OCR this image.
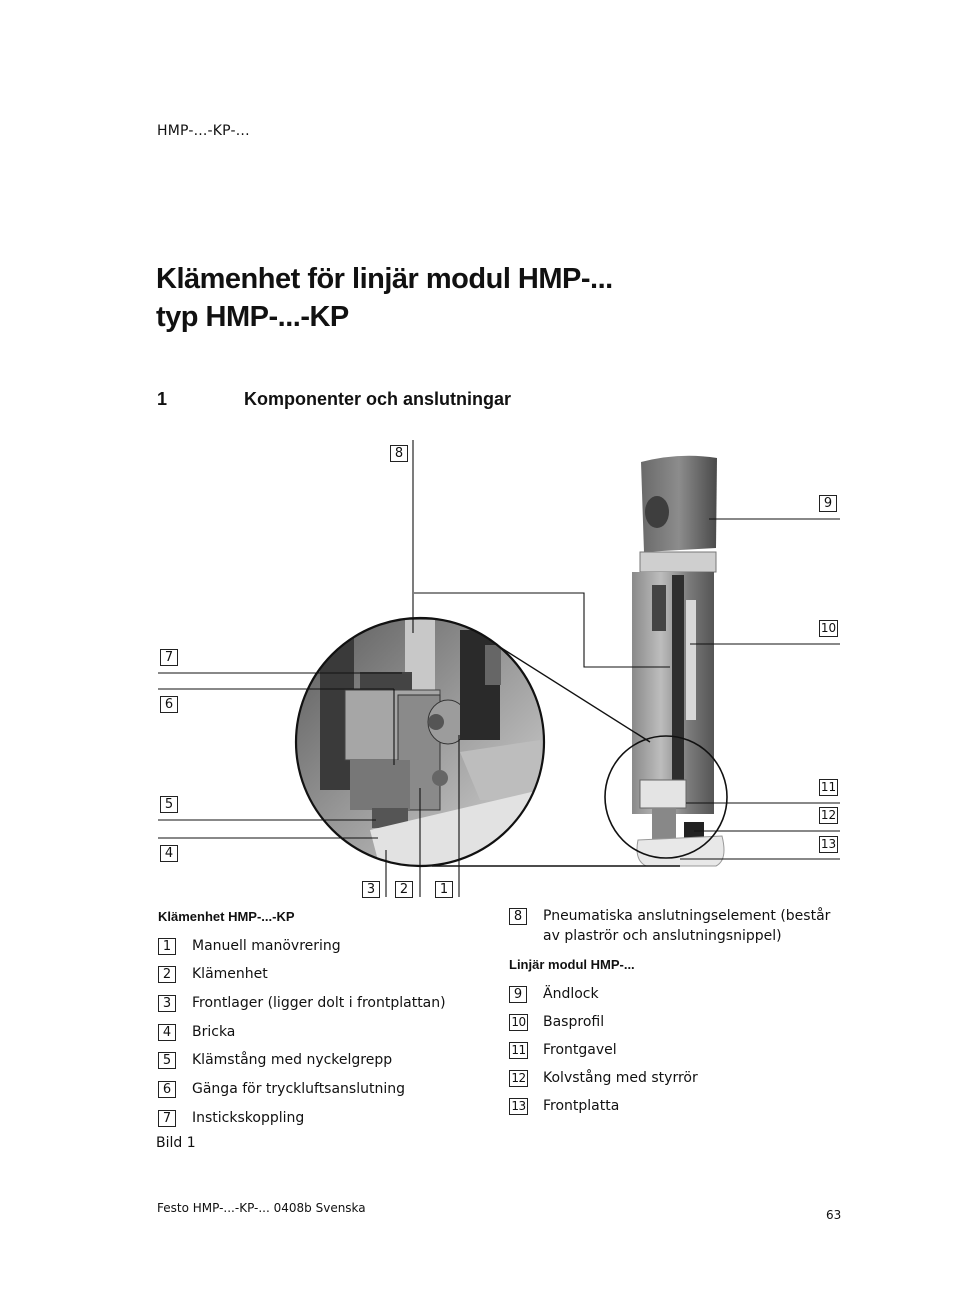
HMP-...-KP-...
Klämenhet för linjär modul HMP-...
typ HMP-...-KP
1	Komponenter och anslutningar
8
9
10
11
12
13
7
6
5
4
3	2	1
Klämenhet HMP-...-KP
1	Manuell manövrering
2	Klämenhet
3	Frontlager (ligger dolt i frontplattan)
4	Bricka
5	Klämstång med nyckelgrepp
6	Gänga för tryckluftsanslutning
7	Instickskoppling
8	Pneumatiska anslutningselement (består av plaströr och anslutningsnippel)
Linjär modul HMP-...
9	Ändlock
10 Basprofil
11 Frontgavel
12 Kolvstång med styrrör
13 Frontplatta
Bild 1
Festo HMP-...-KP-... 0408b Svenska	63
